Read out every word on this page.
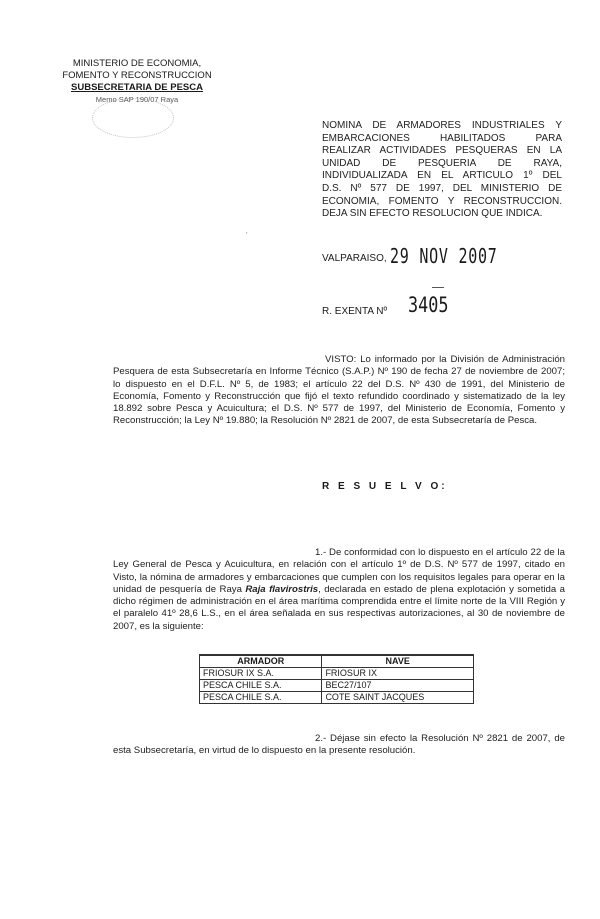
MINISTERIO DE ECONOMIA,
FOMENTO Y RECONSTRUCCION
SUBSECRETARIA DE PESCA
Memo SAP 190/07 Raya
NOMINA DE ARMADORES INDUSTRIALES Y
EMBARCACIONES HABILITADOS PARA
REALIZAR ACTIVIDADES PESQUERAS EN LA
UNIDAD DE PESQUERIA DE RAYA,
INDIVIDUALIZADA EN EL ARTICULO 1º DEL
D.S. Nº 577 DE 1997, DEL MINISTERIO DE
ECONOMIA, FOMENTO Y RECONSTRUCCION.
DEJA SIN EFECTO RESOLUCION QUE INDICA.
'
VALPARAISO, 29 NOV 2007
R. EXENTA Nº 3405
VISTO: Lo informado por la División de Administración Pesquera de esta Subsecretaría en Informe Técnico (S.A.P.) Nº 190 de fecha 27 de noviembre de 2007; lo dispuesto en el D.F.L. Nº 5, de 1983; el artículo 22 del D.S. Nº 430 de 1991, del Ministerio de Economía, Fomento y Reconstrucción que fijó el texto refundido coordinado y sistematizado de la ley 18.892 sobre Pesca y Acuicultura; el D.S. Nº 577 de 1997, del Ministerio de Economía, Fomento y Reconstrucción; la Ley Nº 19.880; la Resolución Nº 2821 de 2007, de esta Subsecretaría de Pesca.
R E S U E L V O:
1.- De conformidad con lo dispuesto en el artículo 22 de la Ley General de Pesca y Acuicultura, en relación con el artículo 1º de D.S. Nº 577 de 1997, citado en Visto, la nómina de armadores y embarcaciones que cumplen con los requisitos legales para operar en la unidad de pesquería de Raya Raja flavirostris, declarada en estado de plena explotación y sometida a dicho régimen de administración en el área marítima comprendida entre el límite norte de la VIII Región y el paralelo 41º 28,6 L.S., en el área señalada en sus respectivas autorizaciones, al 30 de noviembre de 2007, es la siguiente:
ARMADOR	NAVE
FRIOSUR IX S.A.	FRIOSUR IX
PESCA CHILE S.A.	BEC27/107
PESCA CHILE S.A.	COTE SAINT JACQUES
2.- Déjase sin efecto la Resolución Nº 2821 de 2007, de esta Subsecretaría, en virtud de lo dispuesto en la presente resolución.
